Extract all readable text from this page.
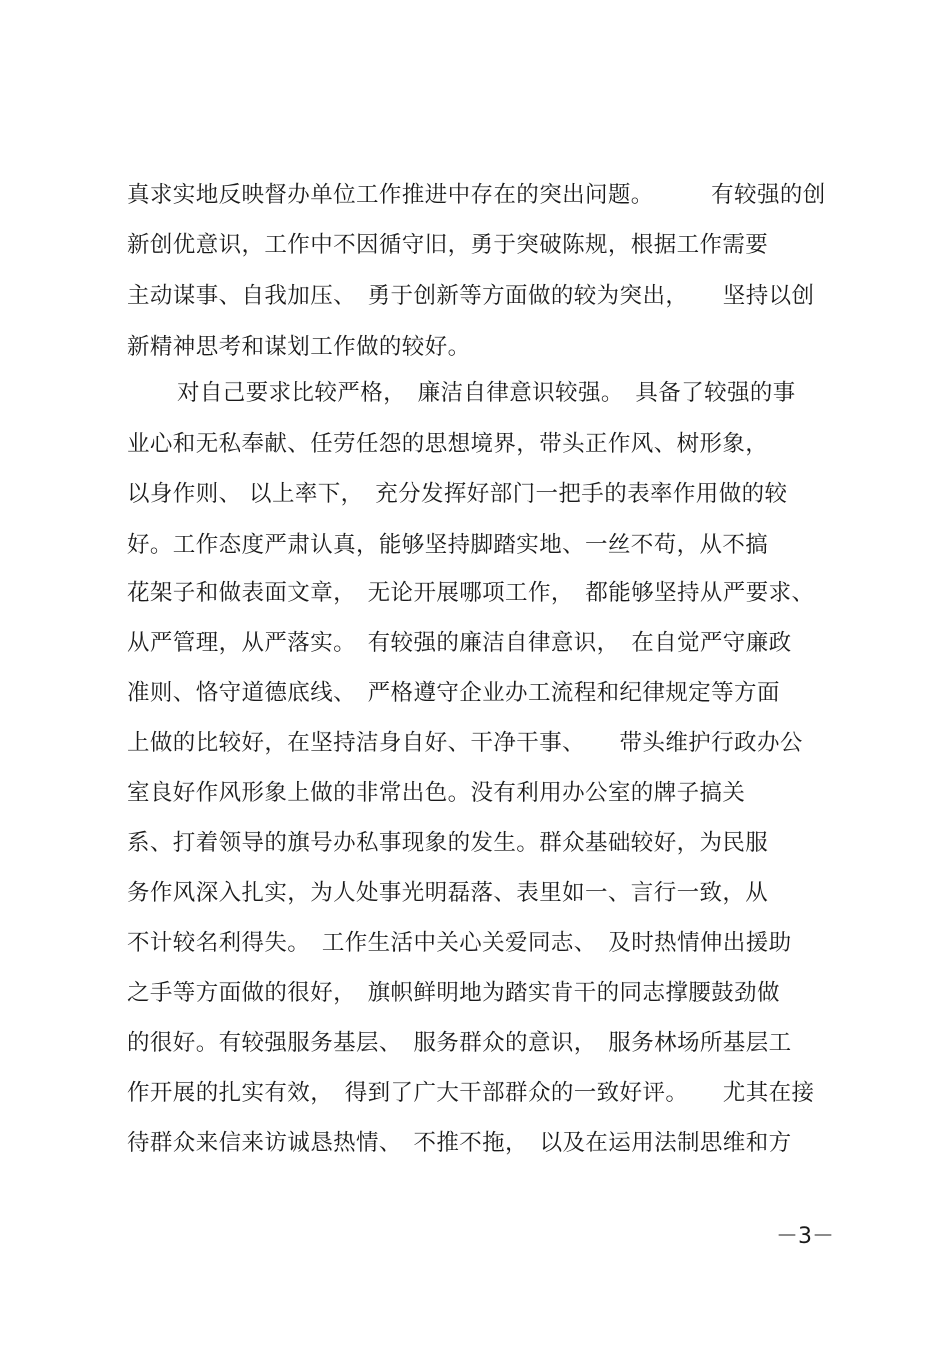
真求实地反映督办单位工作推进中存在的突出问题。　　　有较强的创
新创优意识，工作中不因循守旧，勇于突破陈规，根据工作需要
主动谋事、自我加压、　勇于创新等方面做的较为突出，　　坚持以创
新精神思考和谋划工作做的较好。
对自己要求比较严格，　廉洁自律意识较强。　具备了较强的事
业心和无私奉献、任劳任怨的思想境界，带头正作风、树形象，
以身作则、 以上率下，　充分发挥好部门一把手的表率作用做的较
好。工作态度严肃认真，能够坚持脚踏实地、一丝不苟，从不搞
花架子和做表面文章，　无论开展哪项工作，　都能够坚持从严要求、
从严管理，从严落实。　有较强的廉洁自律意识，　在自觉严守廉政
准则、恪守道德底线、　严格遵守企业办工流程和纪律规定等方面
上做的比较好，在坚持洁身自好、干净干事、　　带头维护行政办公
室良好作风形象上做的非常出色。没有利用办公室的牌子搞关
系、打着领导的旗号办私事现象的发生。群众基础较好，为民服
务作风深入扎实，为人处事光明磊落、表里如一、言行一致，从
不计较名利得失。　工作生活中关心关爱同志、　及时热情伸出援助
之手等方面做的很好，　旗帜鲜明地为踏实肯干的同志撑腰鼓劲做
的很好。有较强服务基层、　服务群众的意识，　服务林场所基层工
作开展的扎实有效，　得到了广大干部群众的一致好评。　　尤其在接
待群众来信来访诚恳热情、　不推不拖，　以及在运用法制思维和方
－3－
